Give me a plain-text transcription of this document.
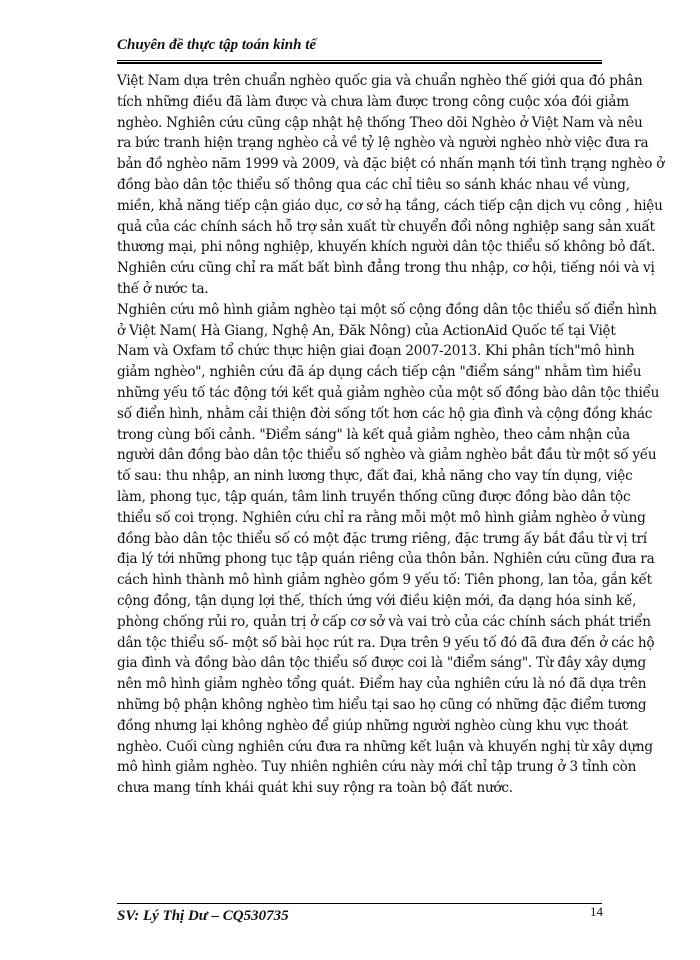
Chuyên đề thực tập toán kinh tế
Việt Nam dựa trên chuẩn nghèo quốc gia và chuẩn nghèo thế giới qua đó phân
tích những điều đã làm được và chưa làm được trong công cuộc xóa đói giảm
nghèo. Nghiên cứu cũng cập nhật hệ thống Theo dõi Nghèo ở Việt Nam và nêu
ra bức tranh hiện trạng nghèo cả về tỷ lệ nghèo và người nghèo nhờ việc đưa ra
bản đồ nghèo năm 1999 và 2009, và đặc biệt có nhấn mạnh tới tình trạng nghèo ở
đồng bào dân tộc thiểu số thông qua các chỉ tiêu so sánh khác nhau về vùng,
miền, khả năng tiếp cận giáo dục, cơ sở hạ tầng, cách tiếp cận dịch vụ công , hiệu
quả của các chính sách hỗ trợ sản xuất từ chuyển đổi nông nghiệp sang sản xuất
thương mại, phi nông nghiệp, khuyến khích người dân tộc thiểu số không bỏ đất.
Nghiên cứu cũng chỉ ra mất bất bình đẳng trong thu nhập, cơ hội, tiếng nói và vị
thế ở nước ta.
Nghiên cứu mô hình giảm nghèo tại một số cộng đồng dân tộc thiểu số điển hình
ở Việt Nam( Hà Giang, Nghệ An, Đăk Nông) của ActionAid Quốc tế tại Việt
Nam và Oxfam tổ chức thực hiện giai đoạn 2007-2013. Khi phân tích"mô hình
giảm nghèo", nghiên cứu đã áp dụng cách tiếp cận "điểm sáng" nhằm tìm hiểu
những yếu tố tác động tới kết quả giảm nghèo của một số đồng bào dân tộc thiểu
số điển hình, nhằm cải thiện đời sống tốt hơn các hộ gia đình và cộng đồng khác
trong cùng bối cảnh. "Điểm sáng" là kết quả giảm nghèo, theo cảm nhận của
người dân đồng bào dân tộc thiểu số nghèo và giảm nghèo bắt đầu từ một số yếu
tố sau: thu nhập, an ninh lương thực, đất đai, khả năng cho vay tín dụng, việc
làm, phong tục, tập quán, tâm linh truyền thống cũng được đồng bào dân tộc
thiểu số coi trọng. Nghiên cứu chỉ ra rằng mỗi một mô hình giảm nghèo ở vùng
đồng bào dân tộc thiểu số có một đặc trưng riêng, đặc trưng ấy bắt đầu từ vị trí
địa lý tới những phong tục tập quán riêng của thôn bản. Nghiên cứu cũng đưa ra
cách hình thành mô hình giảm nghèo gồm 9 yếu tố: Tiên phong, lan tỏa, gắn kết
cộng đồng, tận dụng lợi thế, thích ứng với điều kiện mới, đa dạng hóa sinh kế,
phòng chống rủi ro, quản trị ở cấp cơ sở và vai trò của các chính sách phát triển
dân tộc thiểu số- một số bài học rút ra. Dựa trên 9 yếu tố đó đã đưa đến ở các hộ
gia đình và đồng bào dân tộc thiểu số được coi là "điểm sáng". Từ đây xây dựng
nên mô hình giảm nghèo tổng quát. Điểm hay của nghiên cứu là nó đã dựa trên
những bộ phận không nghèo tìm hiểu tại sao họ cũng có những đặc điểm tương
đồng nhưng lại không nghèo để giúp những người nghèo cùng khu vực thoát
nghèo. Cuối cùng nghiên cứu đưa ra những kết luận và khuyến nghị từ xây dựng
mô hình giảm nghèo. Tuy nhiên nghiên cứu này mới chỉ tập trung ở 3 tỉnh còn
chưa mang tính khái quát khi suy rộng ra toàn bộ đất nước.
SV: Lý Thị Dư – CQ530735	14
